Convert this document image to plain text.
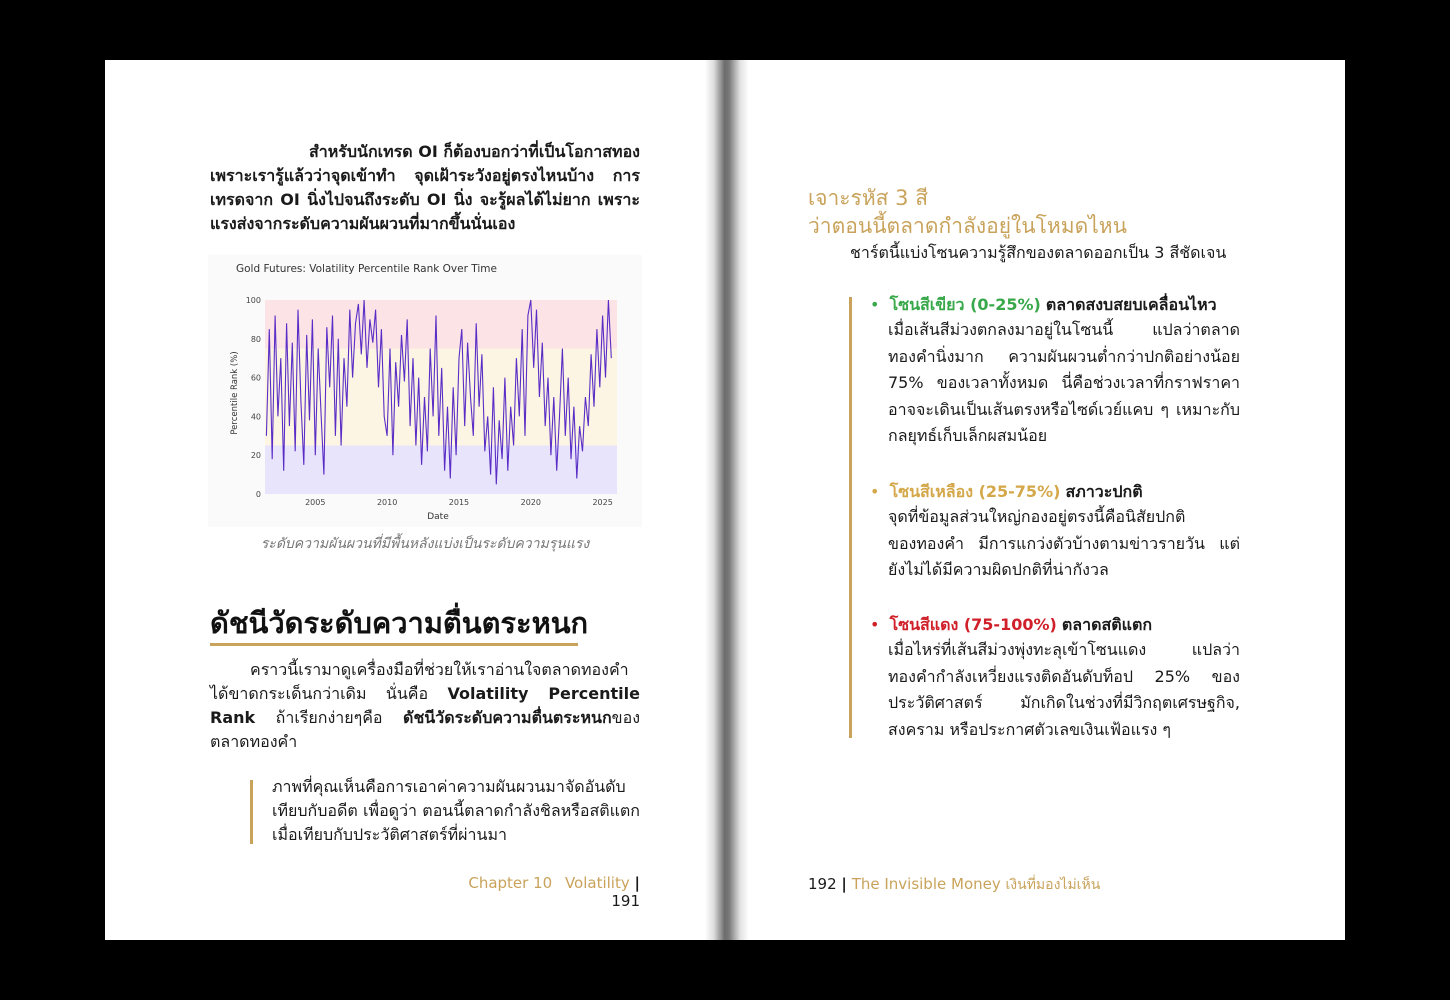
สำหรับนักเทรด OI ก็ต้องบอกว่าที่เป็นโอกาสทอง
เพราะเรารู้แล้วว่าจุดเข้าทำ จุดเฝ้าระวังอยู่ตรงไหนบ้าง การ
เทรดจาก OI นิ่งไปจนถึงระดับ OI นิ่ง จะรู้ผลได้ไม่ยาก เพราะ
แรงส่งจากระดับความผันผวนที่มากขึ้นนั่นเอง
Gold Futures: Volatility Percentile Rank Over Time
0
20
40
60
80
100
2005	2010	2015	2020	2025
Date
Percentile Rank (%)
ระดับความผันผวนที่มีพื้นหลังแบ่งเป็นระดับความรุนแรง
ดัชนีวัดระดับความตื่นตระหนก
คราวนี้เรามาดูเครื่องมือที่ช่วยให้เราอ่านใจตลาดทองคำได้ขาดกระเด็นกว่าเดิม นั่นคือ Volatility Percentile Rank ถ้าเรียกง่ายๆคือ ดัชนีวัดระดับความตื่นตระหนกของตลาดทองคำ
ภาพที่คุณเห็นคือการเอาค่าความผันผวนมาจัดอันดับเทียบกับอดีต เพื่อดูว่า ตอนนี้ตลาดกำลังชิลหรือสติแตกเมื่อเทียบกับประวัติศาสตร์ที่ผ่านมา
Chapter 10 Volatility | 191
เจาะรหัส 3 สี
ว่าตอนนี้ตลาดกำลังอยู่ในโหมดไหน
ชาร์ตนี้แบ่งโซนความรู้สึกของตลาดออกเป็น 3 สีชัดเจน
• โซนสีเขียว (0-25%) ตลาดสงบสยบเคลื่อนไหว
เมื่อเส้นสีม่วงตกลงมาอยู่ในโซนนี้ แปลว่าตลาด
ทองคำนิ่งมาก ความผันผวนต่ำกว่าปกติอย่างน้อย
75% ของเวลาทั้งหมด นี่คือช่วงเวลาที่กราฟราคา
อาจจะเดินเป็นเส้นตรงหรือไซด์เวย์แคบ ๆ เหมาะกับ
กลยุทธ์เก็บเล็กผสมน้อย
• โซนสีเหลือง (25-75%) สภาวะปกติ
จุดที่ข้อมูลส่วนใหญ่กองอยู่ตรงนี้คือนิสัยปกติ
ของทองคำ มีการแกว่งตัวบ้างตามข่าวรายวัน แต่
ยังไม่ได้มีความผิดปกติที่น่ากังวล
• โซนสีแดง (75-100%) ตลาดสติแตก
เมื่อไหร่ที่เส้นสีม่วงพุ่งทะลุเข้าโซนแดง แปลว่า
ทองคำกำลังเหวี่ยงแรงติดอันดับท็อป 25% ของ
ประวัติศาสตร์ มักเกิดในช่วงที่มีวิกฤตเศรษฐกิจ,
สงคราม หรือประกาศตัวเลขเงินเฟ้อแรง ๆ
192 | The Invisible Money เงินที่มองไม่เห็น
